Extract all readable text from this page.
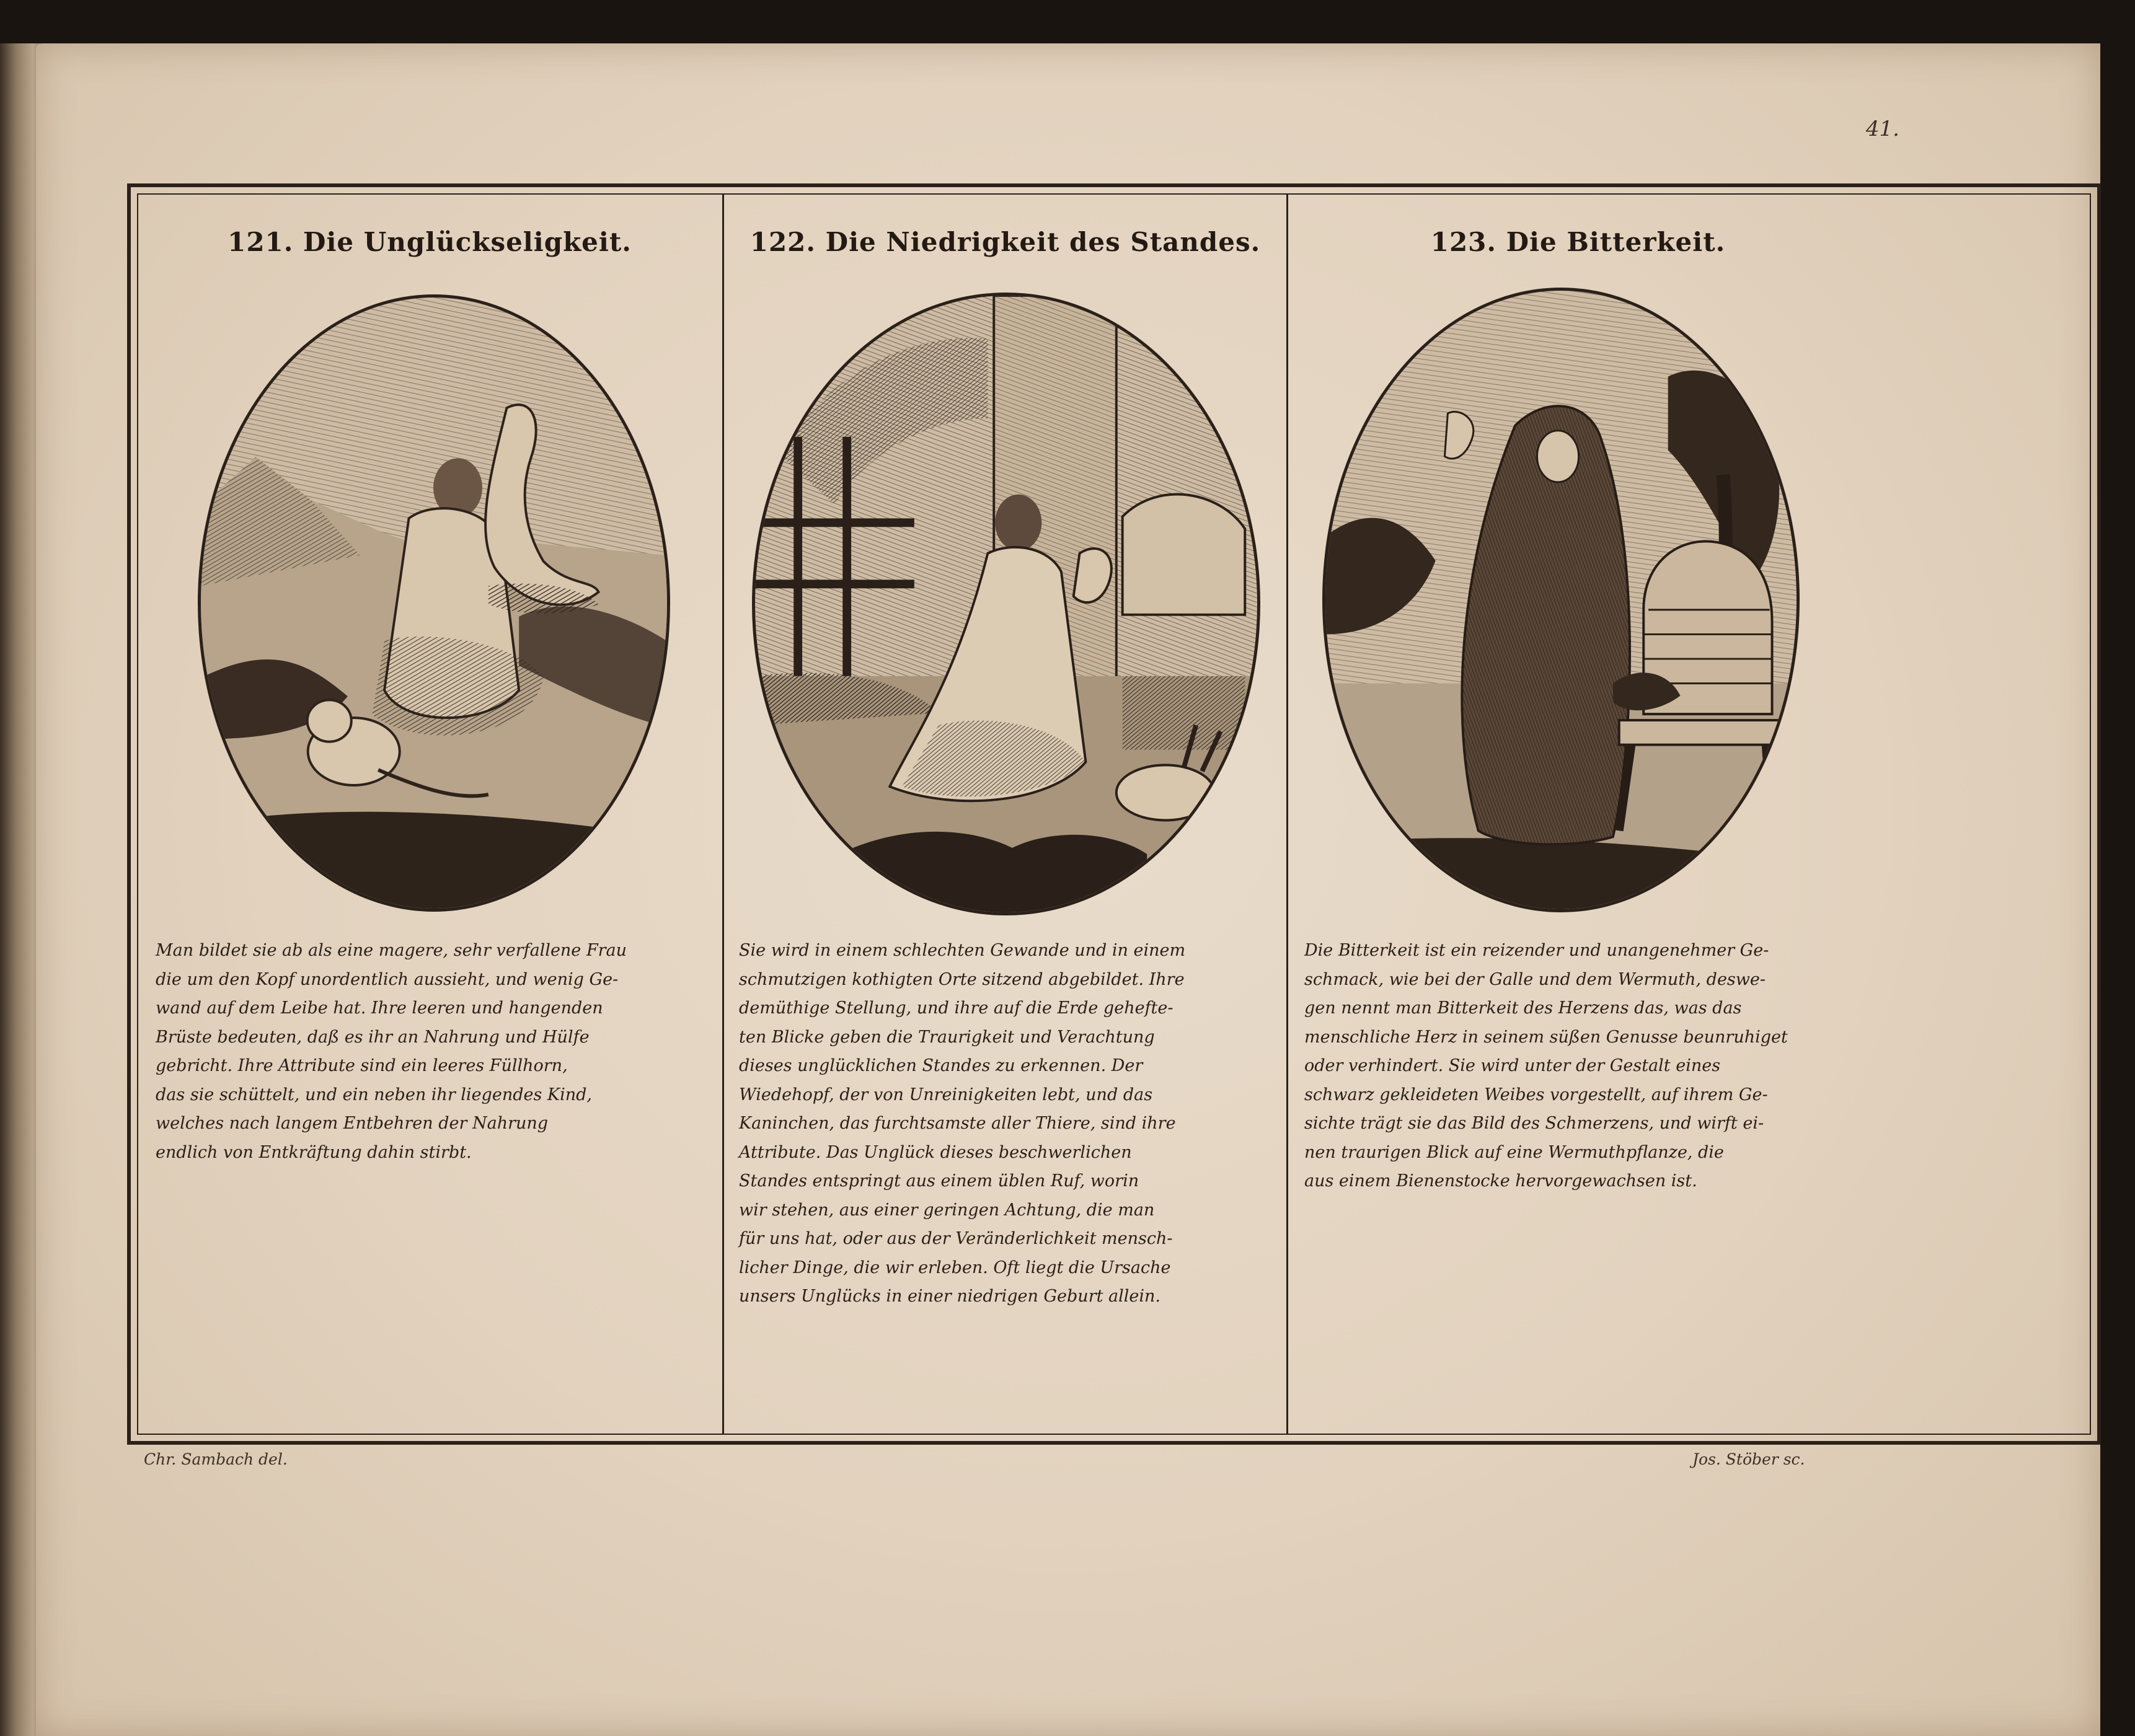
41.

121. Die Unglückseligkeit.

Man bildet sie ab als eine magere, sehr verfallene Frau
die um den Kopf unordentlich aussieht, und wenig Ge-
wand auf dem Leibe hat. Ihre leeren und hangenden
Brüste bedeuten, daß es ihr an Nahrung und Hülfe
gebricht. Ihre Attribute sind ein leeres Füllhorn,
das sie schüttelt, und ein neben ihr liegendes Kind,
welches nach langem Entbehren der Nahrung
endlich von Entkräftung dahin stirbt.

122. Die Niedrigkeit des Standes.

Sie wird in einem schlechten Gewande und in einem
schmutzigen kothigten Orte sitzend abgebildet. Ihre
demüthige Stellung, und ihre auf die Erde geheftе-
ten Blicke geben die Traurigkeit und Verachtung
dieses unglücklichen Standes zu erkennen. Der
Wiedehopf, der von Unreinigkeiten lebt, und das
Kaninchen, das furchtsamste aller Thiere, sind ihre
Attribute. Das Unglück dieses beschwerlichen
Standes entspringt aus einem üblen Ruf, worin
wir stehen, aus einer geringen Achtung, die man
für uns hat, oder aus der Veränderlichkeit mensch-
licher Dinge, die wir erleben. Oft liegt die Ursache
unsers Unglücks in einer niedrigen Geburt allein.

123. Die Bitterkeit.

Die Bitterkeit ist ein reizender und unangenehmer Ge-
schmack, wie bei der Galle und dem Wermuth, deswe-
gen nennt man Bitterkeit des Herzens das, was das
menschliche Herz in seinem süßen Genusse beunruhiget
oder verhindert. Sie wird unter der Gestalt eines
schwarz gekleideten Weibes vorgestellt, auf ihrem Ge-
sichte trägt sie das Bild des Schmerzens, und wirft ei-
nen traurigen Blick auf eine Wermuthpflanze, die
aus einem Bienenstocke hervorgewachsen ist.

Chr. Sambach del.	Jos. Stöber sc.
